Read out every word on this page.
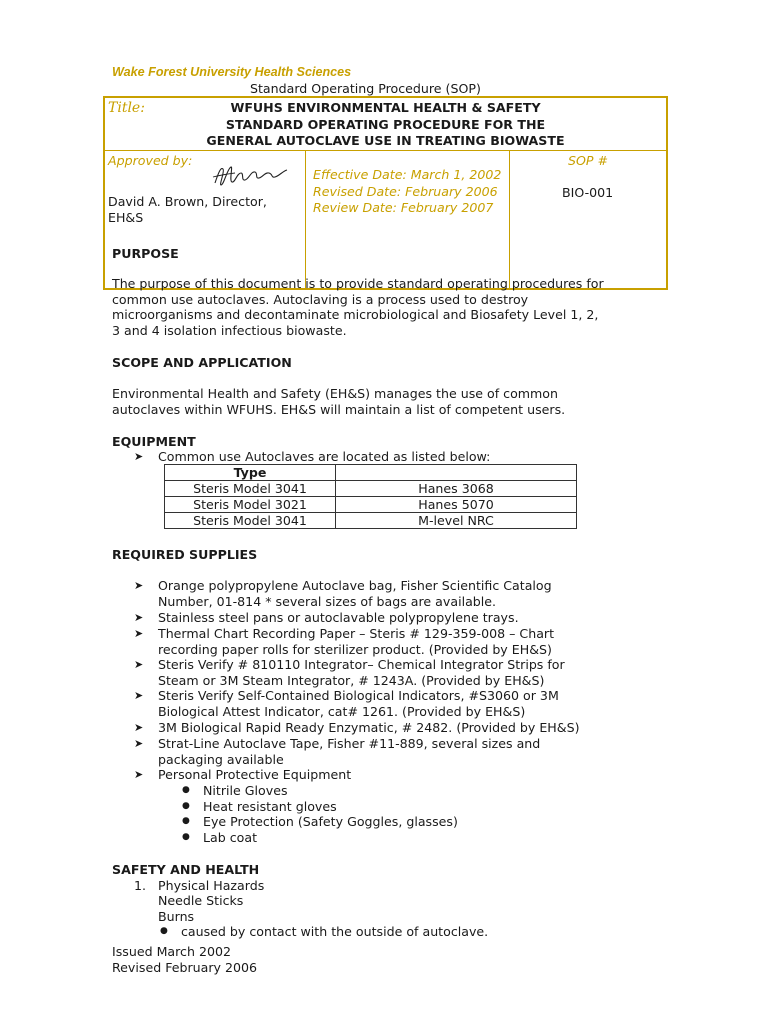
Wake Forest University Health Sciences
Standard Operating Procedure (SOP)
Title:	WFUHS ENVIRONMENTAL HEALTH & SAFETY
STANDARD OPERATING PROCEDURE FOR THE
GENERAL AUTOCLAVE USE IN TREATING BIOWASTE
Approved by:
David A. Brown, Director,
EH&S
Effective Date: March 1, 2002
Revised Date: February 2006
Review Date: February 2007
SOP #
BIO-001
PURPOSE
The purpose of this document is to provide standard operating procedures for
common use autoclaves. Autoclaving is a process used to destroy
microorganisms and decontaminate microbiological and Biosafety Level 1, 2,
3 and 4 isolation infectious biowaste.
SCOPE AND APPLICATION
Environmental Health and Safety (EH&S) manages the use of common
autoclaves within WFUHS. EH&S will maintain a list of competent users.
EQUIPMENT
➤ Common use Autoclaves are located as listed below:
Type	
Steris Model 3041	Hanes 3068
Steris Model 3021	Hanes 5070
Steris Model 3041	M-level NRC
REQUIRED SUPPLIES
➤ Orange polypropylene Autoclave bag, Fisher Scientific Catalog
Number, 01-814 * several sizes of bags are available.
➤ Stainless steel pans or autoclavable polypropylene trays.
➤ Thermal Chart Recording Paper – Steris # 129-359-008 – Chart
recording paper rolls for sterilizer product. (Provided by EH&S)
➤ Steris Verify # 810110 Integrator– Chemical Integrator Strips for
Steam or 3M Steam Integrator, # 1243A. (Provided by EH&S)
➤ Steris Verify Self-Contained Biological Indicators, #S3060 or 3M
Biological Attest Indicator, cat# 1261. (Provided by EH&S)
➤ 3M Biological Rapid Ready Enzymatic, # 2482. (Provided by EH&S)
➤ Strat-Line Autoclave Tape, Fisher #11-889, several sizes and
packaging available
➤ Personal Protective Equipment
● Nitrile Gloves
● Heat resistant gloves
● Eye Protection (Safety Goggles, glasses)
● Lab coat
SAFETY AND HEALTH
1. Physical Hazards
Needle Sticks
Burns
● caused by contact with the outside of autoclave.
Issued March 2002
Revised February 2006
